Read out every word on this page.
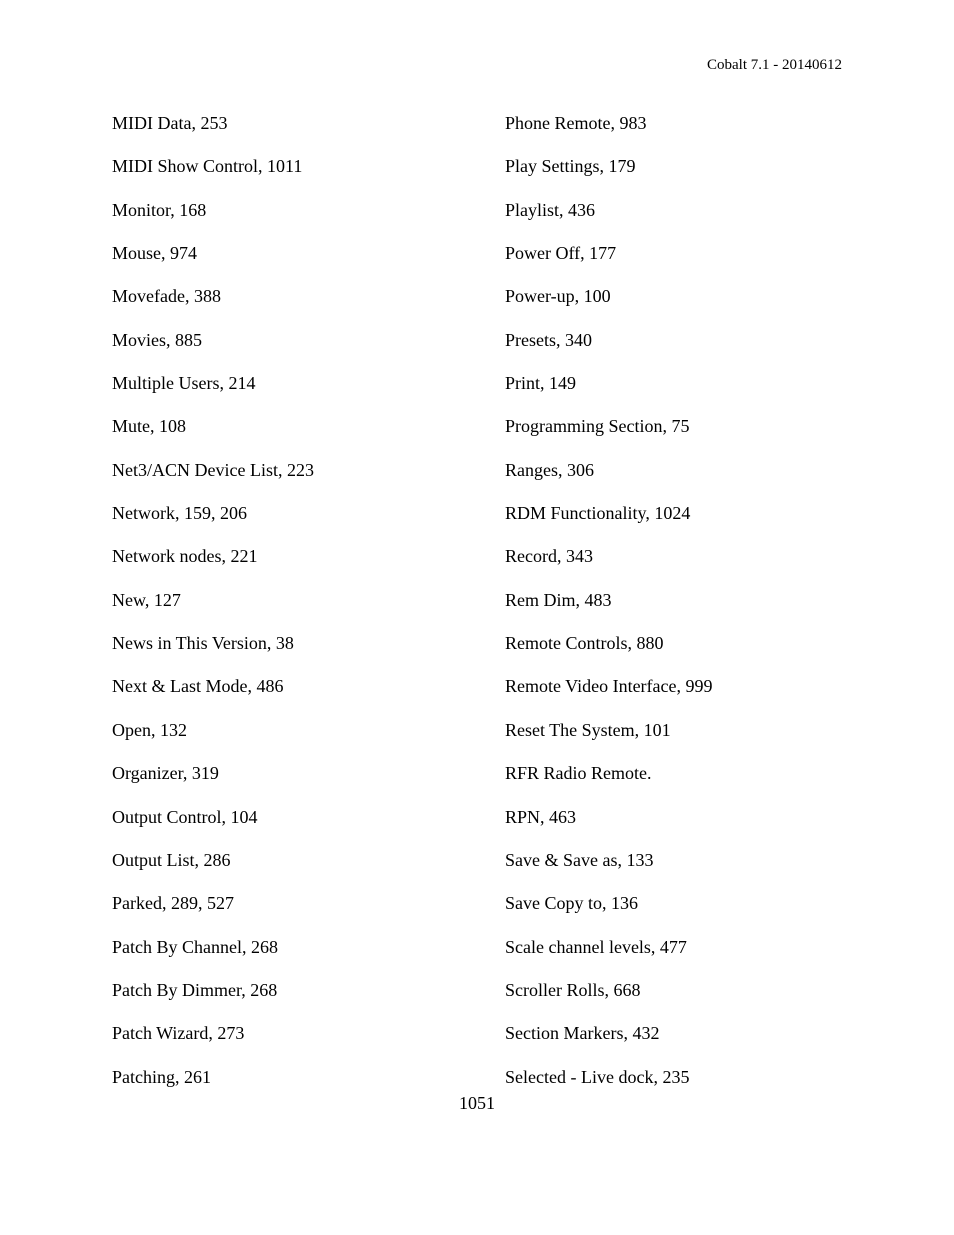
Cobalt 7.1 - 20140612
MIDI Data, 253
MIDI Show Control, 1011
Monitor, 168
Mouse, 974
Movefade, 388
Movies, 885
Multiple Users, 214
Mute, 108
Net3/ACN Device List, 223
Network, 159, 206
Network nodes, 221
New, 127
News in This Version, 38
Next & Last Mode, 486
Open, 132
Organizer, 319
Output Control, 104
Output List, 286
Parked, 289, 527
Patch By Channel, 268
Patch By Dimmer, 268
Patch Wizard, 273
Patching, 261
Phone Remote, 983
Play Settings, 179
Playlist, 436
Power Off, 177
Power-up, 100
Presets, 340
Print, 149
Programming Section, 75
Ranges, 306
RDM Functionality, 1024
Record, 343
Rem Dim, 483
Remote Controls, 880
Remote Video Interface, 999
Reset The System, 101
RFR Radio Remote.
RPN, 463
Save & Save as, 133
Save Copy to, 136
Scale channel levels, 477
Scroller Rolls, 668
Section Markers, 432
Selected - Live dock, 235
1051
